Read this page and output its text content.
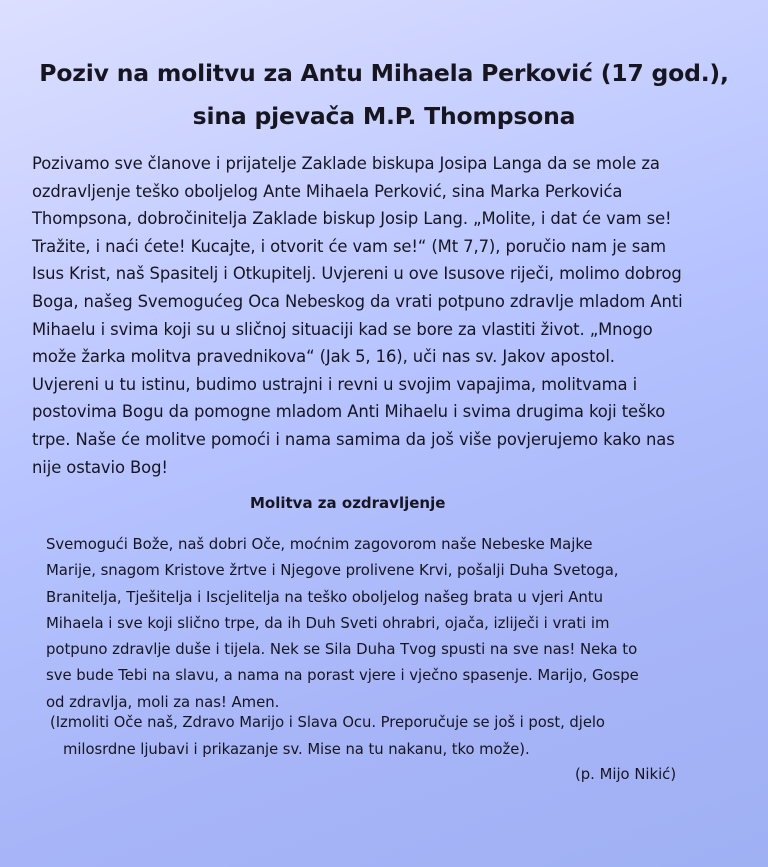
Poziv na molitvu za Antu Mihaela Perković (17 god.),
sina pjevača M.P. Thompsona
Pozivamo sve članove i prijatelje Zaklade biskupa Josipa Langa da se mole za
ozdravljenje teško oboljelog Ante Mihaela Perković, sina Marka Perkovića
Thompsona, dobročinitelja Zaklade biskup Josip Lang. „Molite, i dat će vam se!
Tražite, i naći ćete! Kucajte, i otvorit će vam se!“ (Mt 7,7), poručio nam je sam
Isus Krist, naš Spasitelj i Otkupitelj. Uvjereni u ove Isusove riječi, molimo dobrog
Boga, našeg Svemogućeg Oca Nebeskog da vrati potpuno zdravlje mladom Anti
Mihaelu i svima koji su u sličnoj situaciji kad se bore za vlastiti život. „Mnogo
može žarka molitva pravednikova“ (Jak 5, 16), uči nas sv. Jakov apostol.
Uvjereni u tu istinu, budimo ustrajni i revni u svojim vapajima, molitvama i
postovima Bogu da pomogne mladom Anti Mihaelu i svima drugima koji teško
trpe. Naše će molitve pomoći i nama samima da još više povjerujemo kako nas
nije ostavio Bog!
Molitva za ozdravljenje
Svemogući Bože, naš dobri Oče, moćnim zagovorom naše Nebeske Majke
Marije, snagom Kristove žrtve i Njegove prolivene Krvi, pošalji Duha Svetoga,
Branitelja, Tješitelja i Iscjelitelja na teško oboljelog našeg brata u vjeri Antu
Mihaela i sve koji slično trpe, da ih Duh Sveti ohrabri, ojača, izliječi i vrati im
potpuno zdravlje duše i tijela. Nek se Sila Duha Tvog spusti na sve nas! Neka to
sve bude Tebi na slavu, a nama na porast vjere i vječno spasenje. Marijo, Gospe
od zdravlja, moli za nas! Amen.
(Izmoliti Oče naš, Zdravo Marijo i Slava Ocu. Preporučuje se još i post, djelo
milosrdne ljubavi i prikazanje sv. Mise na tu nakanu, tko može).

(p. Mijo Nikić)
